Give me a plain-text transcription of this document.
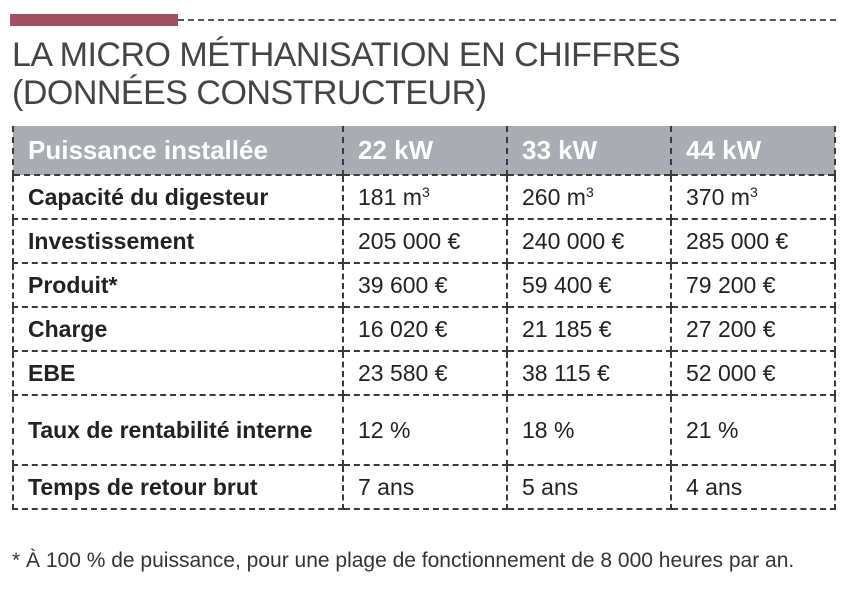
LA MICRO MÉTHANISATION EN CHIFFRES
(DONNÉES CONSTRUCTEUR)
Puissance installée	22 kW	33 kW	44 kW
Capacité du digesteur	181 $m^3$	260 $m^3$	370 $m^3$
Investissement	205 000 €	240 000 €	285 000 €
Produit*	39 600 €	59 400 €	79 200 €
Charge	16 020 €	21 185 €	27 200 €
EBE	23 580 €	38 115 €	52 000 €
Taux de rentabilité interne	12 %	18 %	21 %
Temps de retour brut	7 ans	5 ans	4 ans
* À 100 % de puissance, pour une plage de fonctionnement de 8 000 heures par an.
